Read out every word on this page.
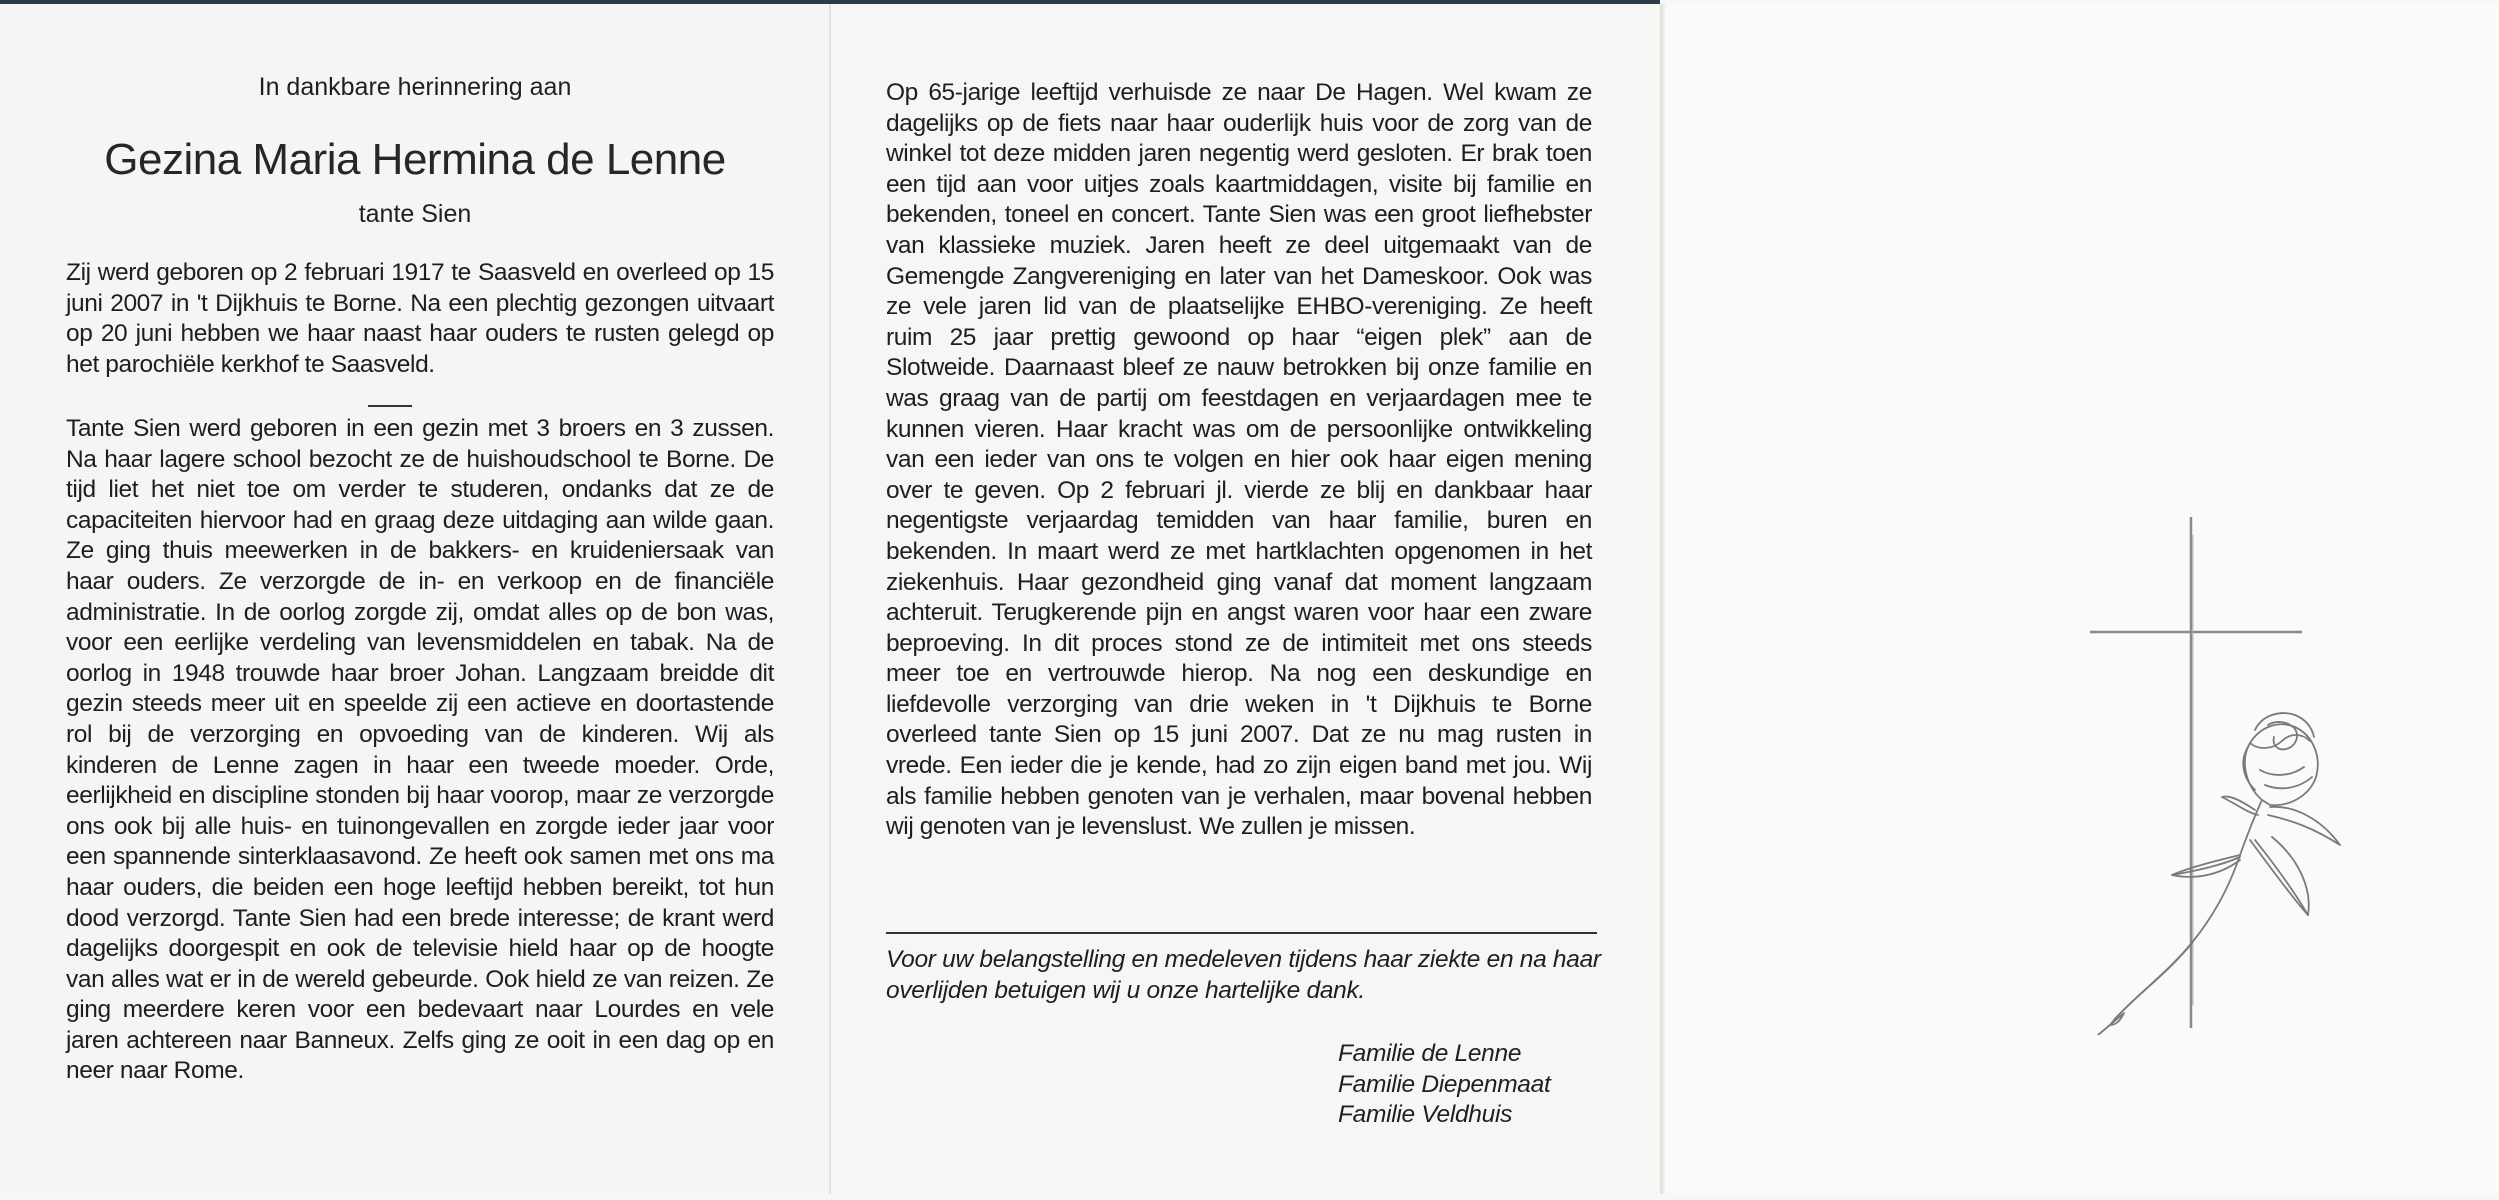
In dankbare herinnering aan

Gezina Maria Hermina de Lenne

tante Sien

Zij werd geboren op 2 februari 1917 te Saasveld en overleed op 15 juni 2007 in 't Dijkhuis te Borne. Na een plechtig gezongen uitvaart op 20 juni hebben we haar naast haar ouders te rusten gelegd op het parochiële kerkhof te Saasveld.

Tante Sien werd geboren in een gezin met 3 broers en 3 zussen. Na haar lagere school bezocht ze de huishoudschool te Borne. De tijd liet het niet toe om verder te studeren, ondanks dat ze de capaciteiten hiervoor had en graag deze uitdaging aan wilde gaan. Ze ging thuis meewerken in de bakkers- en kruideniersaak van haar ouders. Ze verzorgde de in- en verkoop en de financiële administratie. In de oorlog zorgde zij, omdat alles op de bon was, voor een eerlijke verdeling van levensmiddelen en tabak. Na de oorlog in 1948 trouwde haar broer Johan. Langzaam breidde dit gezin steeds meer uit en speelde zij een actieve en doortastende rol bij de verzorging en opvoeding van de kinderen. Wij als kinderen de Lenne zagen in haar een tweede moeder. Orde, eerlijkheid en discipline stonden bij haar voorop, maar ze verzorgde ons ook bij alle huis- en tuinongevallen en zorgde ieder jaar voor een spannende sinterklaasavond. Ze heeft ook samen met ons ma haar ouders, die beiden een hoge leeftijd hebben bereikt, tot hun dood verzorgd. Tante Sien had een brede interesse; de krant werd dagelijks doorgespit en ook de televisie hield haar op de hoogte van alles wat er in de wereld gebeurde. Ook hield ze van reizen. Ze ging meerdere keren voor een bedevaart naar Lourdes en vele jaren achtereen naar Banneux. Zelfs ging ze ooit in een dag op en neer naar Rome.

Op 65-jarige leeftijd verhuisde ze naar De Hagen. Wel kwam ze dagelijks op de fiets naar haar ouderlijk huis voor de zorg van de winkel tot deze midden jaren negentig werd gesloten. Er brak toen een tijd aan voor uitjes zoals kaartmiddagen, visite bij familie en bekenden, toneel en concert. Tante Sien was een groot liefhebster van klassieke muziek. Jaren heeft ze deel uitgemaakt van de Gemengde Zangvereniging en later van het Dameskoor. Ook was ze vele jaren lid van de plaatselijke EHBO-vereniging. Ze heeft ruim 25 jaar prettig gewoond op haar “eigen plek” aan de Slotweide. Daarnaast bleef ze nauw betrokken bij onze familie en was graag van de partij om feestdagen en verjaardagen mee te kunnen vieren. Haar kracht was om de persoonlijke ontwikkeling van een ieder van ons te volgen en hier ook haar eigen mening over te geven. Op 2 februari jl. vierde ze blij en dankbaar haar negentigste verjaardag temidden van haar familie, buren en bekenden. In maart werd ze met hartklachten opgenomen in het ziekenhuis. Haar gezondheid ging vanaf dat moment langzaam achteruit. Terugkerende pijn en angst waren voor haar een zware beproeving. In dit proces stond ze de intimiteit met ons steeds meer toe en vertrouwde hierop. Na nog een deskundige en liefdevolle verzorging van drie weken in 't Dijkhuis te Borne overleed tante Sien op 15 juni 2007. Dat ze nu mag rusten in vrede. Een ieder die je kende, had zo zijn eigen band met jou. Wij als familie hebben genoten van je verhalen, maar bovenal hebben wij genoten van je levenslust. We zullen je missen.

Voor uw belangstelling en medeleven tijdens haar ziekte en na haar overlijden betuigen wij u onze hartelijke dank.

Familie de Lenne
Familie Diepenmaat
Familie Veldhuis
